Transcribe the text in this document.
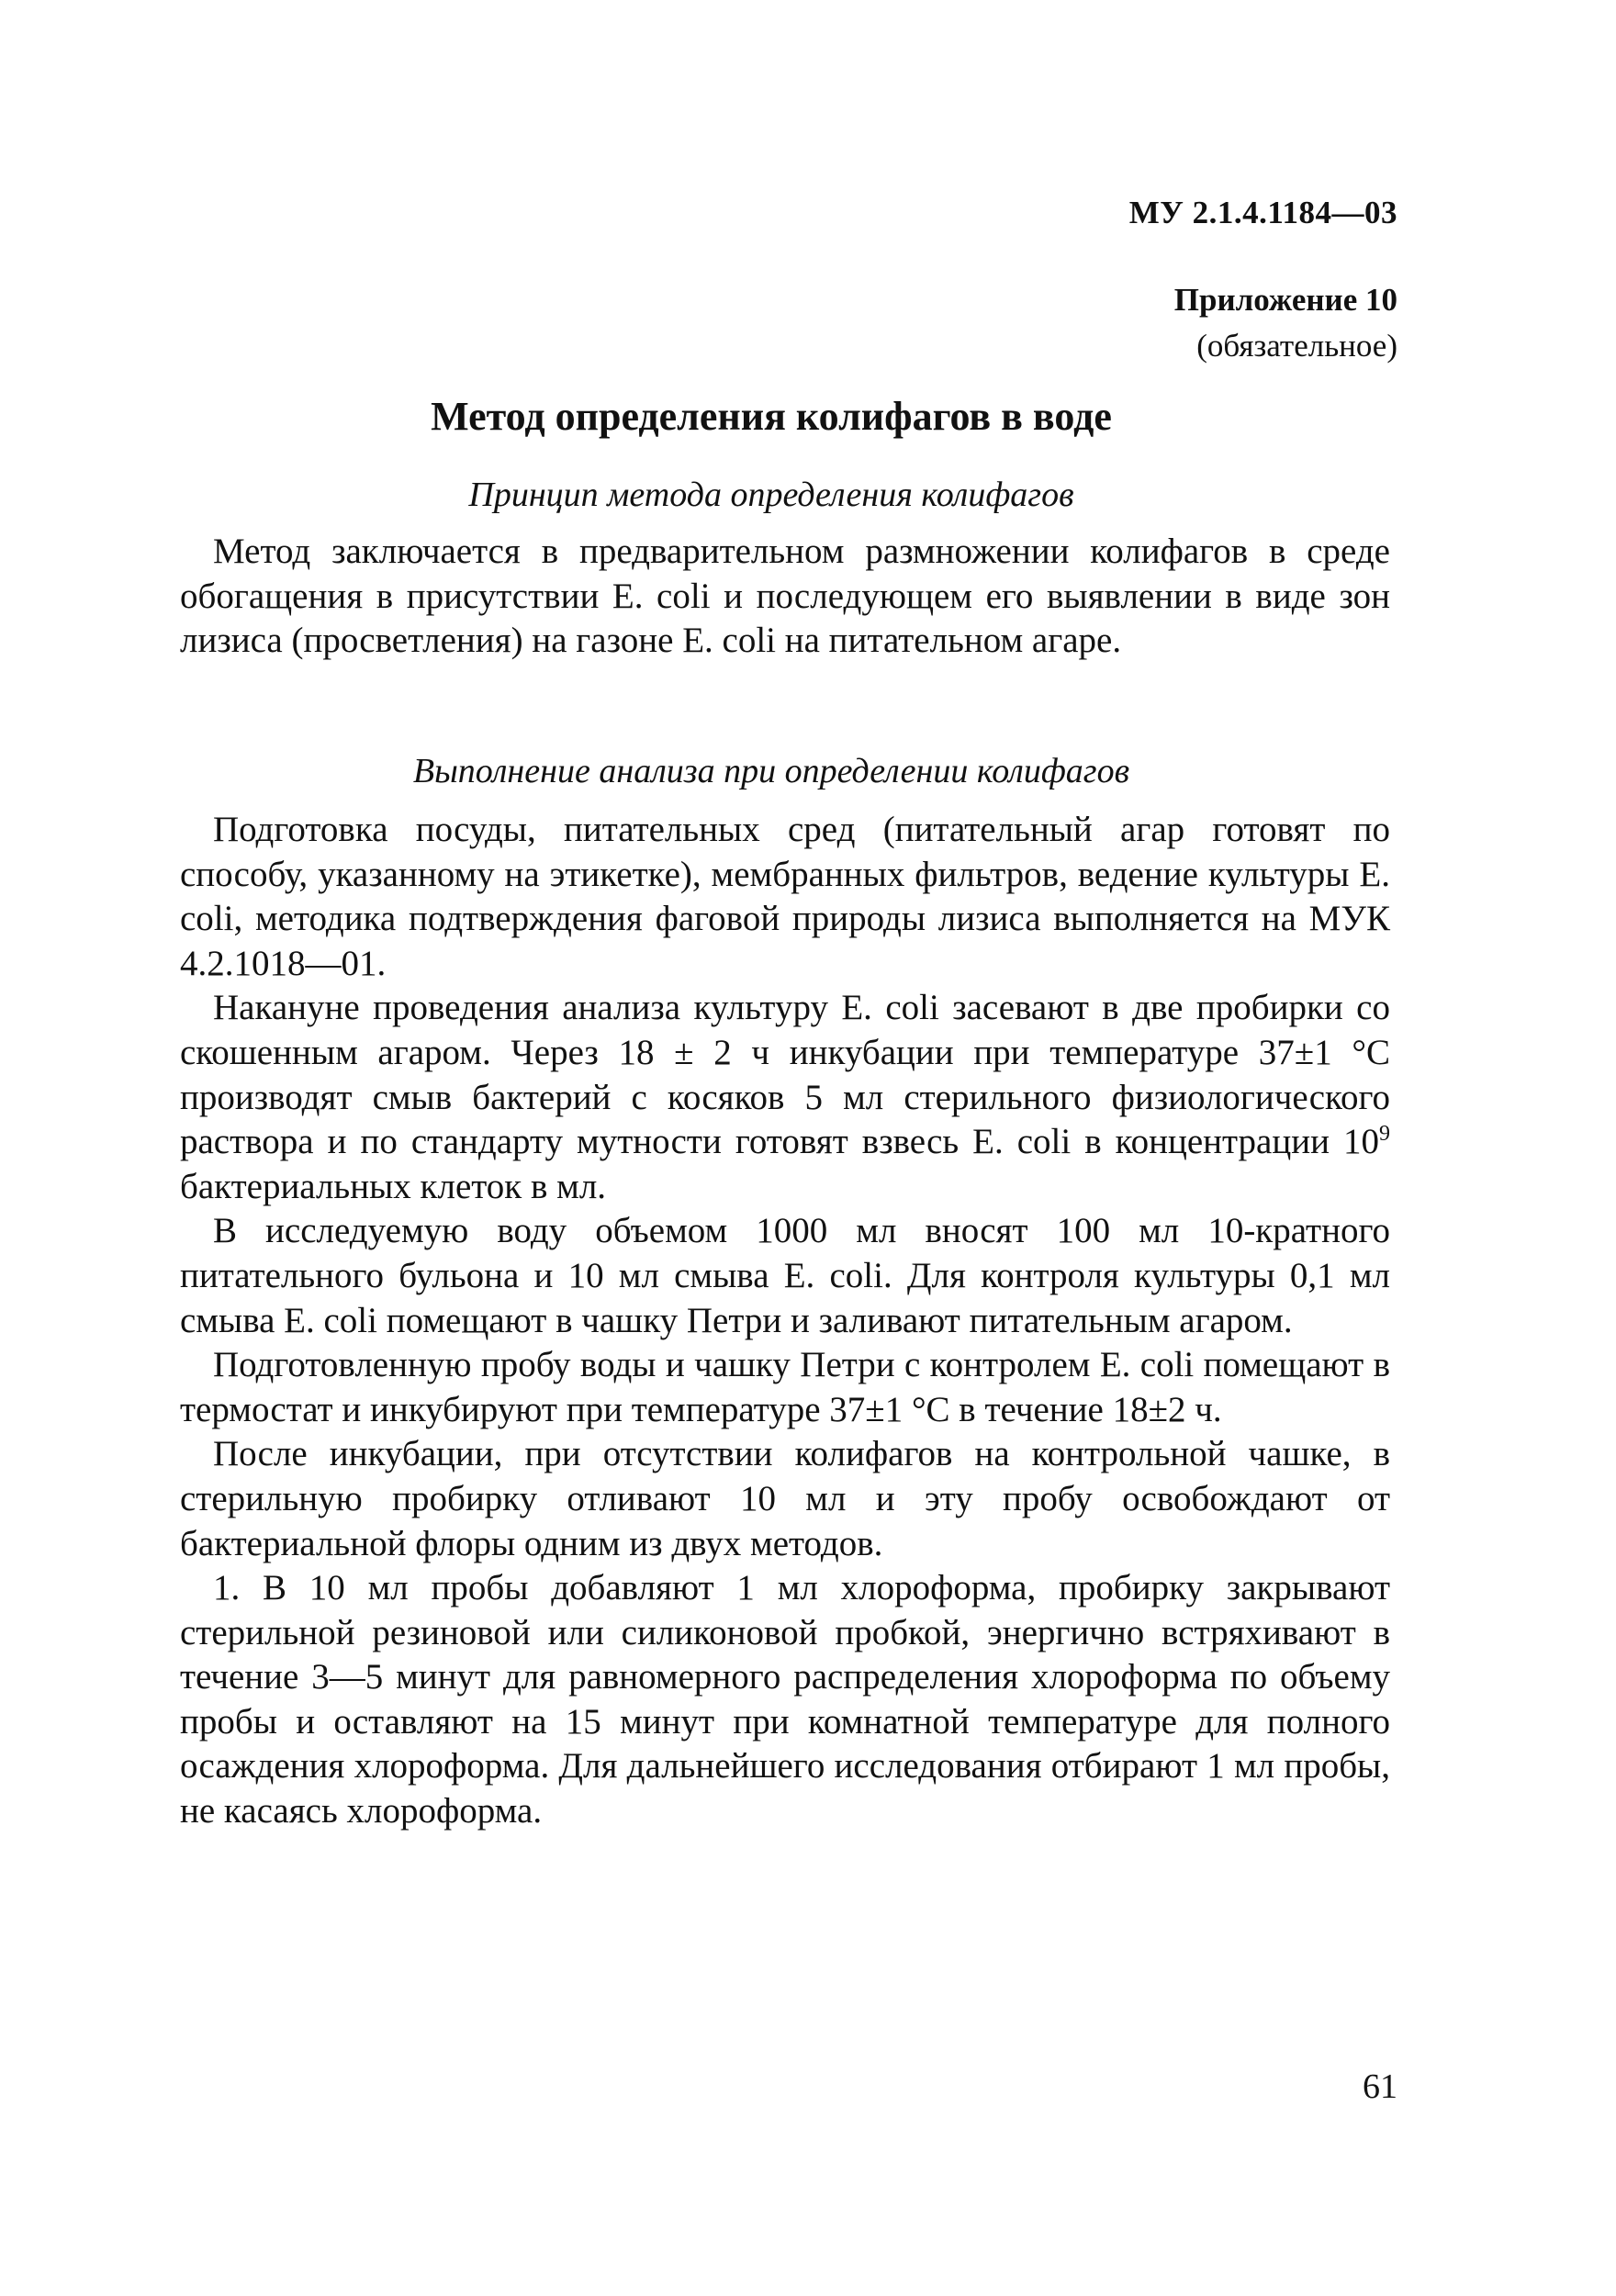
МУ 2.1.4.1184—03
Приложение 10
(обязательное)
Метод определения колифагов в воде
Принцип метода определения колифагов

Метод заключается в предварительном размножении колифагов в среде обогащения в присутствии E. coli и последующем его выявлении в виде зон лизиса (просветления) на газоне E. coli на питательном агаре.

Выполнение анализа при определении колифагов

Подготовка посуды, питательных сред (питательный агар готовят по способу, указанному на этикетке), мембранных фильтров, ведение культуры E. coli, методика подтверждения фаговой природы лизиса выполняется на МУК 4.2.1018—01.

Накануне проведения анализа культуру E. coli засевают в две пробирки со скошенным агаром. Через 18 ± 2 ч инкубации при температуре 37±1 °С производят смыв бактерий с косяков 5 мл стерильного физиологического раствора и по стандарту мутности готовят взвесь E. coli в концентрации $10^9$ бактериальных клеток в мл.

В исследуемую воду объемом 1000 мл вносят 100 мл 10-кратного питательного бульона и 10 мл смыва E. coli. Для контроля культуры 0,1 мл смыва E. coli помещают в чашку Петри и заливают питательным агаром.

Подготовленную пробу воды и чашку Петри с контролем E. coli помещают в термостат и инкубируют при температуре 37±1 °С в течение 18±2 ч.

После инкубации, при отсутствии колифагов на контрольной чашке, в стерильную пробирку отливают 10 мл и эту пробу освобождают от бактериальной флоры одним из двух методов.

1. В 10 мл пробы добавляют 1 мл хлороформа, пробирку закрывают стерильной резиновой или силиконовой пробкой, энергично встряхивают в течение 3—5 минут для равномерного распределения хлороформа по объему пробы и оставляют на 15 минут при комнатной температуре для полного осаждения хлороформа. Для дальнейшего исследования отбирают 1 мл пробы, не касаясь хлороформа.

61
